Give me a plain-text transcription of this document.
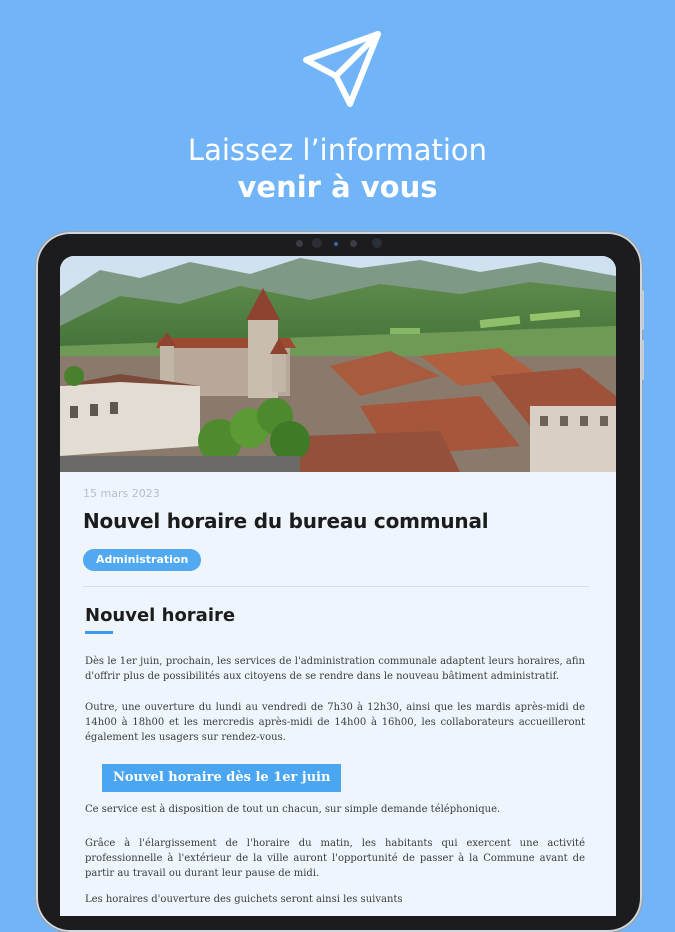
Laissez l’information
venir à vous
15 mars 2023
Nouvel horaire du bureau communal
Administration
Nouvel horaire
Dès le 1er juin, prochain, les services de l'administration communale adaptent leurs horaires, afin d'offrir plus de possibilités aux citoyens de se rendre dans le nouveau bâtiment administratif.
Outre, une ouverture du lundi au vendredi de 7h30 à 12h30, ainsi que les mardis après-midi de 14h00 à 18h00 et les mercredis après-midi de 14h00 à 16h00, les collaborateurs accueilleront également les usagers sur rendez-vous.
Nouvel horaire dès le 1er juin
Ce service est à disposition de tout un chacun, sur simple demande téléphonique.
Grâce à l'élargissement de l'horaire du matin, les habitants qui exercent une activité professionnelle à l'extérieur de la ville auront l'opportunité de passer à la Commune avant de partir au travail ou durant leur pause de midi.
Les horaires d'ouverture des guichets seront ainsi les suivants
